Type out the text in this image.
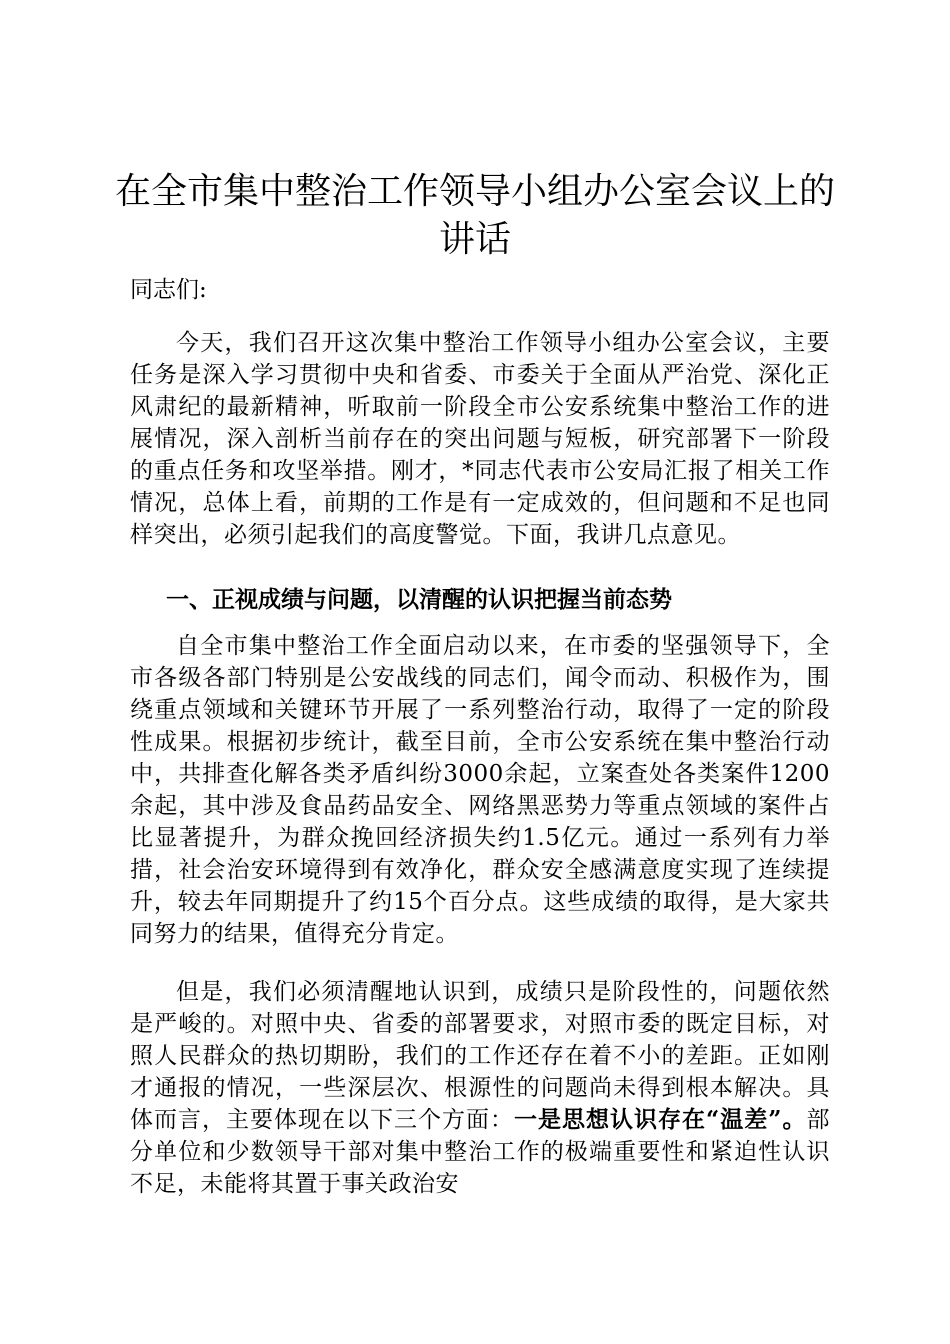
在全市集中整治工作领导小组办公室会议上的讲话

同志们:

今天，我们召开这次集中整治工作领导小组办公室会议，主要任务是深入学习贯彻中央和省委、市委关于全面从严治党、深化正风肃纪的最新精神，听取前一阶段全市公安系统集中整治工作的进展情况，深入剖析当前存在的突出问题与短板，研究部署下一阶段的重点任务和攻坚举措。刚才，*同志代表市公安局汇报了相关工作情况，总体上看，前期的工作是有一定成效的，但问题和不足也同样突出，必须引起我们的高度警觉。下面，我讲几点意见。

一、正视成绩与问题，以清醒的认识把握当前态势

自全市集中整治工作全面启动以来，在市委的坚强领导下，全市各级各部门特别是公安战线的同志们，闻令而动、积极作为，围绕重点领域和关键环节开展了一系列整治行动，取得了一定的阶段性成果。根据初步统计，截至目前，全市公安系统在集中整治行动中，共排查化解各类矛盾纠纷3000余起，立案查处各类案件1200余起，其中涉及食品药品安全、网络黑恶势力等重点领域的案件占比显著提升，为群众挽回经济损失约1.5亿元。通过一系列有力举措，社会治安环境得到有效净化，群众安全感满意度实现了连续提升，较去年同期提升了约15个百分点。这些成绩的取得，是大家共同努力的结果，值得充分肯定。

但是，我们必须清醒地认识到，成绩只是阶段性的，问题依然是严峻的。对照中央、省委的部署要求，对照市委的既定目标，对照人民群众的热切期盼，我们的工作还存在着不小的差距。正如刚才通报的情况，一些深层次、根源性的问题尚未得到根本解决。具体而言，主要体现在以下三个方面：一是思想认识存在“温差”。部分单位和少数领导干部对集中整治工作的极端重要性和紧迫性认识不足，未能将其置于事关政治安
